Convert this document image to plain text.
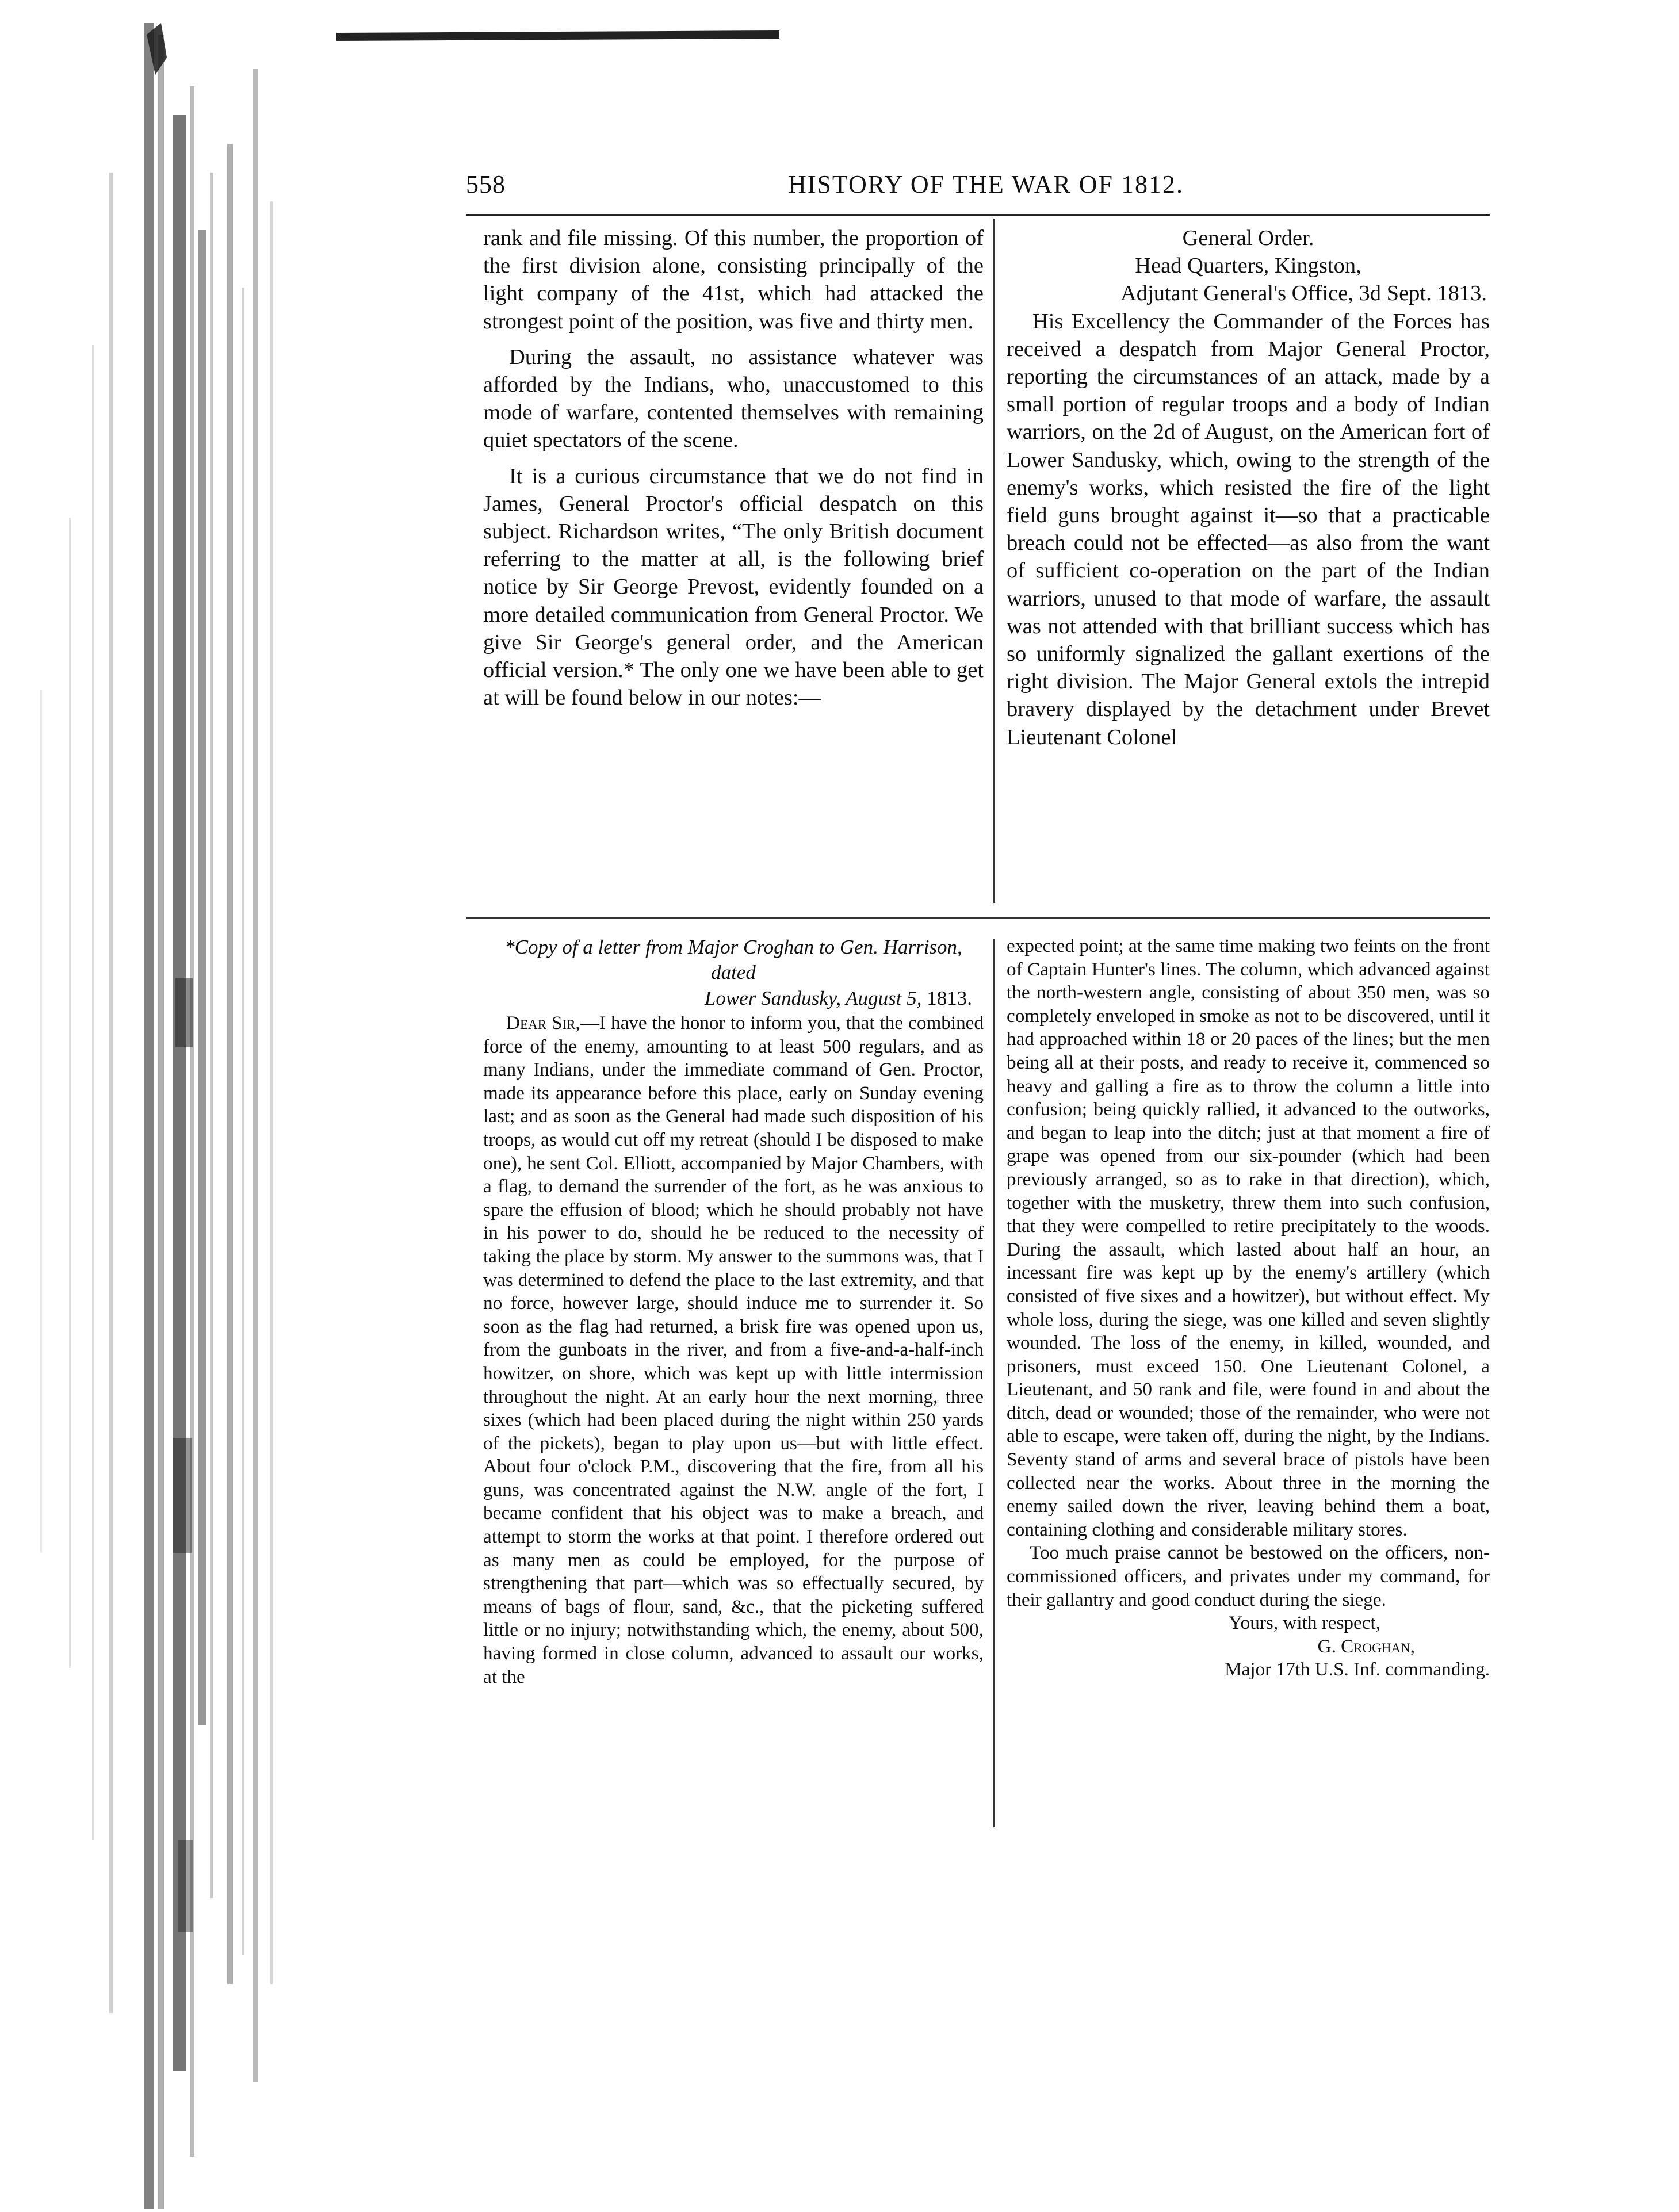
558	HISTORY OF THE WAR OF 1812.

rank and file missing. Of this number, the proportion of the first division alone, consisting principally of the light company of the 41st, which had attacked the strongest point of the position, was five and thirty men.

During the assault, no assistance whatever was afforded by the Indians, who, unaccustomed to this mode of warfare, contented themselves with remaining quiet spectators of the scene.

It is a curious circumstance that we do not find in James, General Proctor's official despatch on this subject. Richardson writes, “The only British document referring to the matter at all, is the following brief notice by Sir George Prevost, evidently founded on a more detailed communication from General Proctor. We give Sir George's general order, and the American official version.* The only one we have been able to get at will be found below in our notes:—

General Order.

Head Quarters, Kingston,

Adjutant General's Office, 3d Sept. 1813.

His Excellency the Commander of the Forces has received a despatch from Major General Proctor, reporting the circumstances of an attack, made by a small portion of regular troops and a body of Indian warriors, on the 2d of August, on the American fort of Lower Sandusky, which, owing to the strength of the enemy's works, which resisted the fire of the light field guns brought against it—so that a practicable breach could not be effected—as also from the want of sufficient co-operation on the part of the Indian warriors, unused to that mode of warfare, the assault was not attended with that brilliant success which has so uniformly signalized the gallant exertions of the right division. The Major General extols the intrepid bravery displayed by the detachment under Brevet Lieutenant Colonel

*Copy of a letter from Major Croghan to Gen. Harrison, dated

Lower Sandusky, August 5, 1813.

Dear Sir,—I have the honor to inform you, that the combined force of the enemy, amounting to at least 500 regulars, and as many Indians, under the immediate command of Gen. Proctor, made its appearance before this place, early on Sunday evening last; and as soon as the General had made such disposition of his troops, as would cut off my retreat (should I be disposed to make one), he sent Col. Elliott, accompanied by Major Chambers, with a flag, to demand the surrender of the fort, as he was anxious to spare the effusion of blood; which he should probably not have in his power to do, should he be reduced to the necessity of taking the place by storm. My answer to the summons was, that I was determined to defend the place to the last extremity, and that no force, however large, should induce me to surrender it. So soon as the flag had returned, a brisk fire was opened upon us, from the gunboats in the river, and from a five-and-a-half-inch howitzer, on shore, which was kept up with little intermission throughout the night. At an early hour the next morning, three sixes (which had been placed during the night within 250 yards of the pickets), began to play upon us—but with little effect. About four o'clock P.M., discovering that the fire, from all his guns, was concentrated against the N.W. angle of the fort, I became confident that his object was to make a breach, and attempt to storm the works at that point. I therefore ordered out as many men as could be employed, for the purpose of strengthening that part—which was so effectually secured, by means of bags of flour, sand, &c., that the picketing suffered little or no injury; notwithstanding which, the enemy, about 500, having formed in close column, advanced to assault our works, at the

expected point; at the same time making two feints on the front of Captain Hunter's lines. The column, which advanced against the north-western angle, consisting of about 350 men, was so completely enveloped in smoke as not to be discovered, until it had approached within 18 or 20 paces of the lines; but the men being all at their posts, and ready to receive it, commenced so heavy and galling a fire as to throw the column a little into confusion; being quickly rallied, it advanced to the outworks, and began to leap into the ditch; just at that moment a fire of grape was opened from our six-pounder (which had been previously arranged, so as to rake in that direction), which, together with the musketry, threw them into such confusion, that they were compelled to retire precipitately to the woods. During the assault, which lasted about half an hour, an incessant fire was kept up by the enemy's artillery (which consisted of five sixes and a howitzer), but without effect. My whole loss, during the siege, was one killed and seven slightly wounded. The loss of the enemy, in killed, wounded, and prisoners, must exceed 150. One Lieutenant Colonel, a Lieutenant, and 50 rank and file, were found in and about the ditch, dead or wounded; those of the remainder, who were not able to escape, were taken off, during the night, by the Indians. Seventy stand of arms and several brace of pistols have been collected near the works. About three in the morning the enemy sailed down the river, leaving behind them a boat, containing clothing and considerable military stores.

Too much praise cannot be bestowed on the officers, non-commissioned officers, and privates under my command, for their gallantry and good conduct during the siege.

Yours, with respect,

G. Croghan,

Major 17th U.S. Inf. commanding.
